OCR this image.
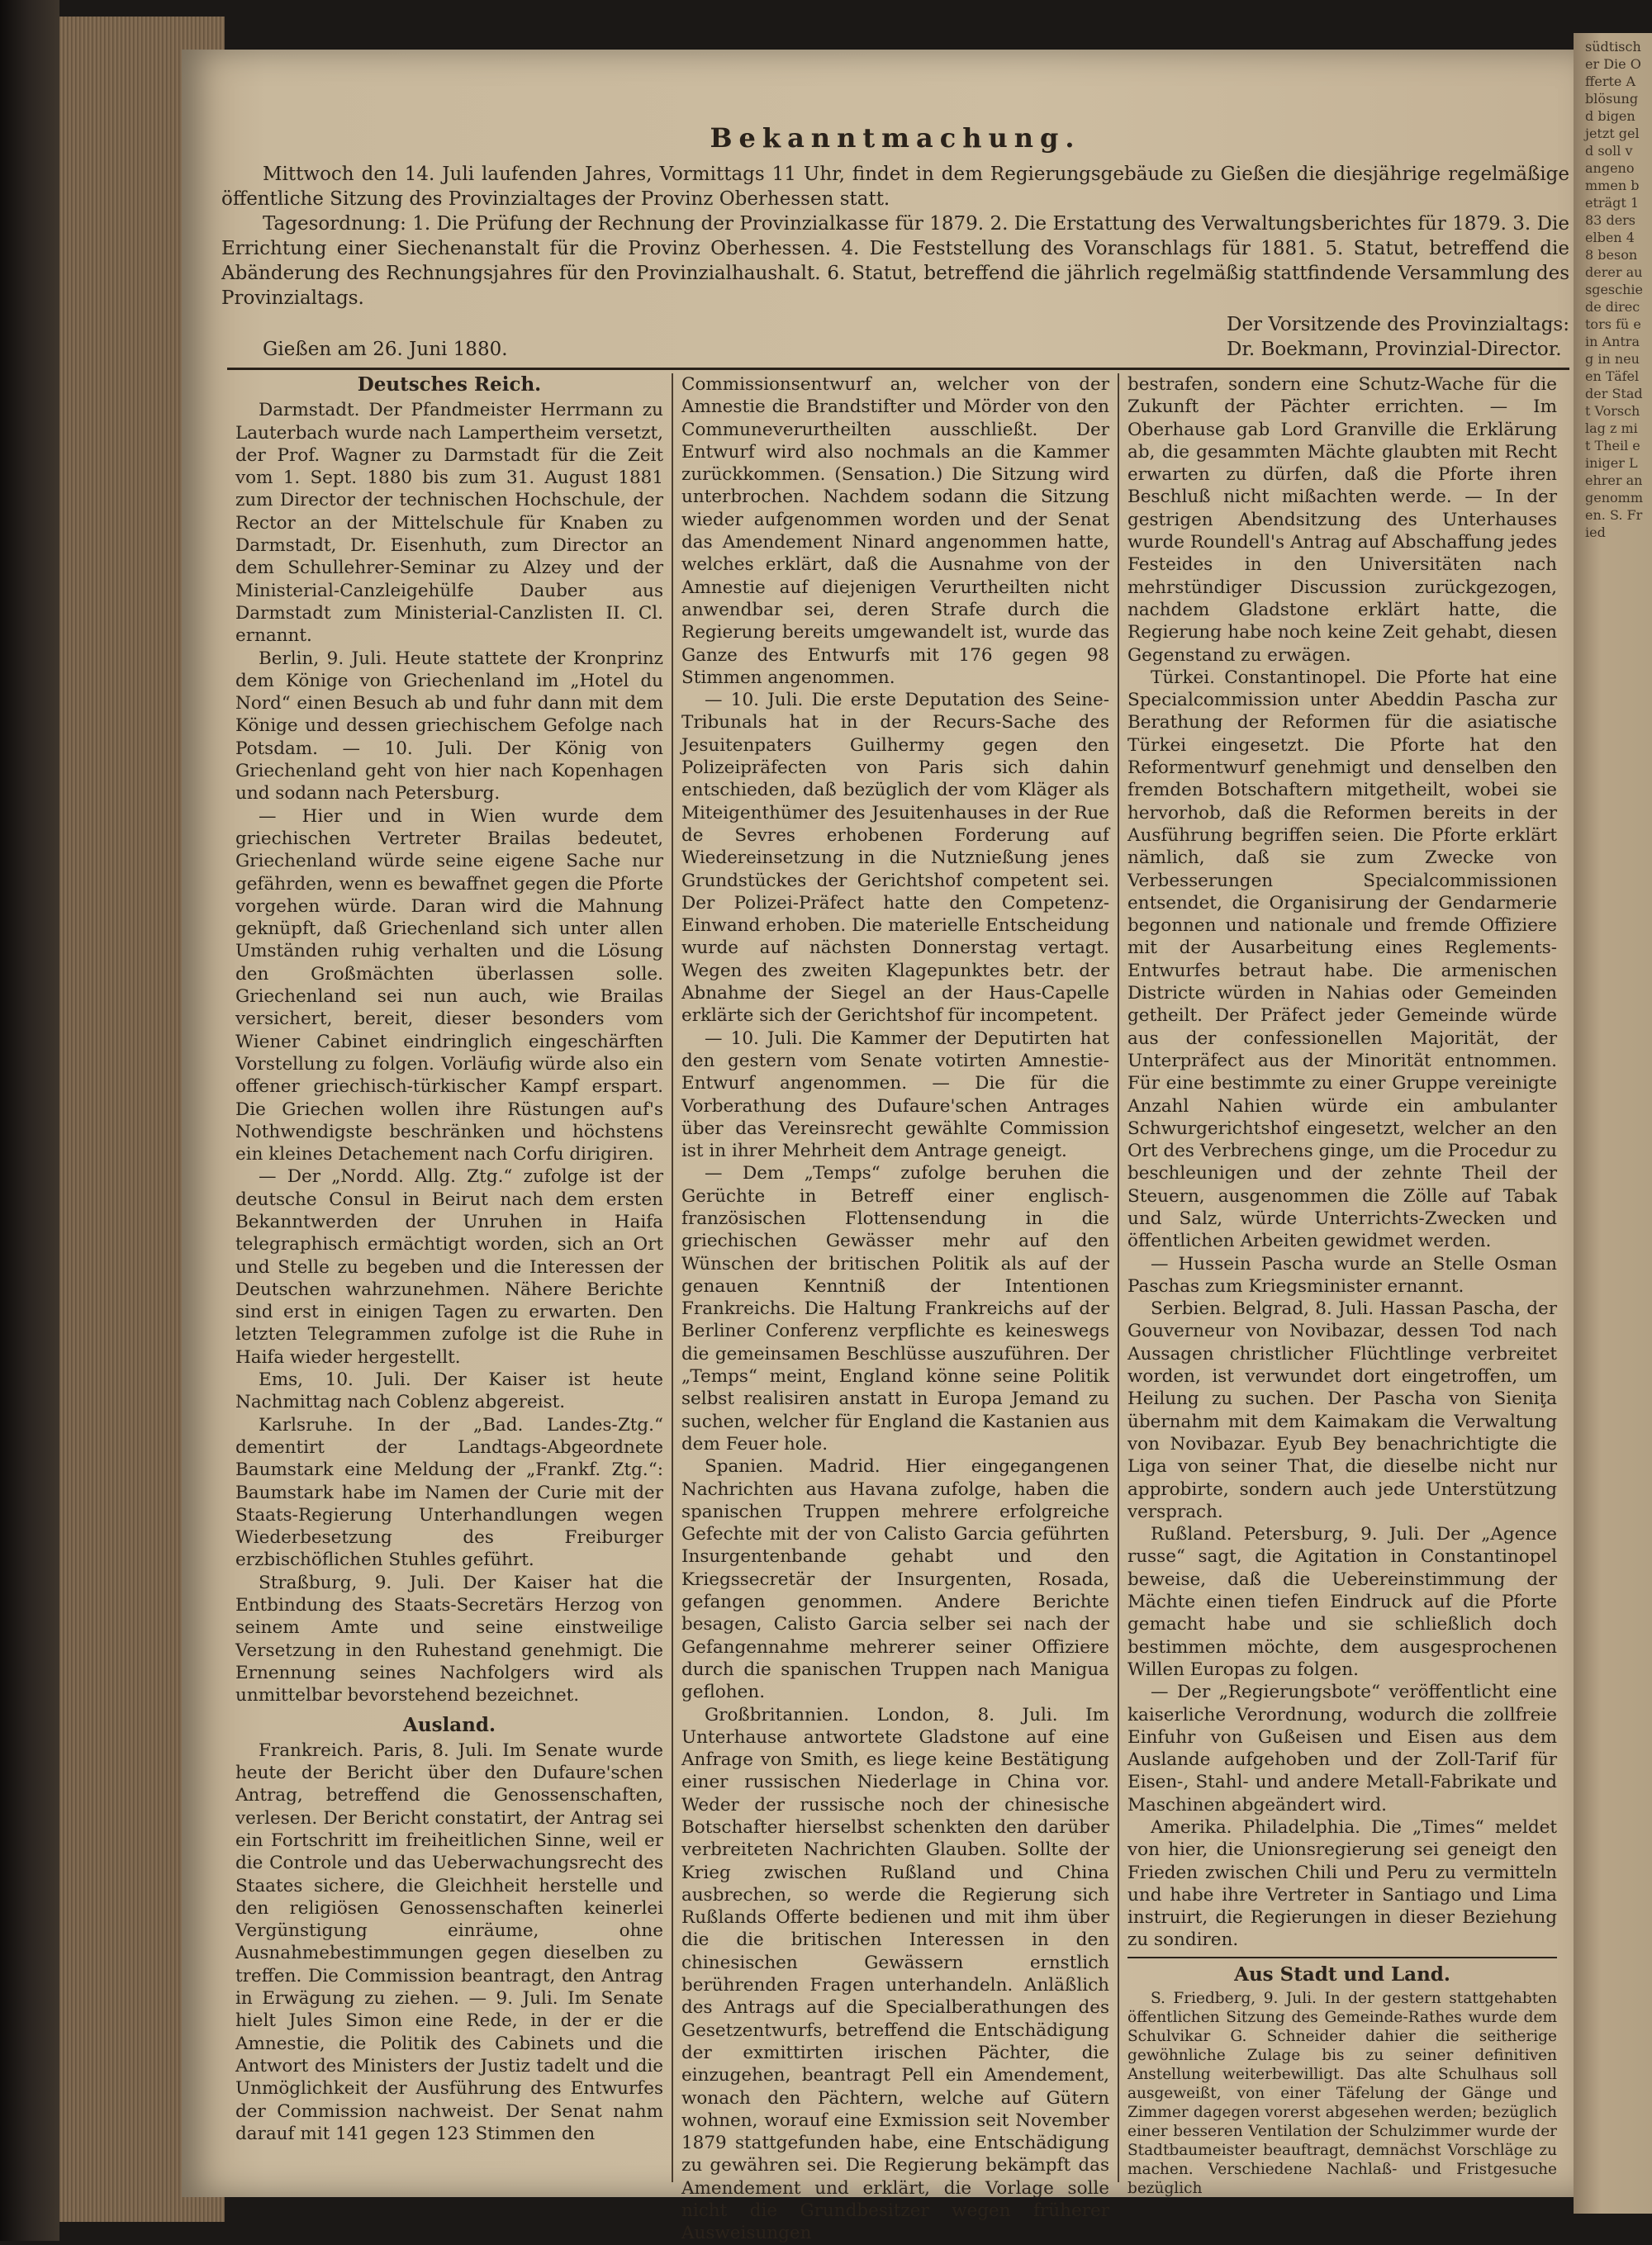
südtischer Die Offerte Ablösung d bigen jetzt geld soll v angenommen beträgt 183 derselben 48 besonderer ausgeschiede directors fü ein Antrag in neuen Täfel der Stadt Vorschlag z mit Theil einiger Lehrer angenommen. S. Fried
Bekanntmachung.

Mittwoch den 14. Juli laufenden Jahres, Vormittags 11 Uhr, findet in dem Regierungsgebäude zu Gießen die diesjährige regelmäßige öffentliche Sitzung des Provinzialtages der Provinz Oberhessen statt.

Tagesordnung: 1. Die Prüfung der Rechnung der Provinzialkasse für 1879. 2. Die Erstattung des Verwaltungsberichtes für 1879. 3. Die Errichtung einer Siechenanstalt für die Provinz Oberhessen. 4. Die Feststellung des Voranschlags für 1881. 5. Statut, betreffend die Abänderung des Rechnungsjahres für den Provinzialhaushalt. 6. Statut, betreffend die jährlich regelmäßig stattfindende Versammlung des Provinzialtags.

Gießen am 26. Juni 1880.
Der Vorsitzende des Provinzialtags:
Dr. Boekmann, Provinzial-Director.
Deutsches Reich.

Darmstadt. Der Pfandmeister Herrmann zu Lauterbach wurde nach Lampertheim versetzt, der Prof. Wagner zu Darmstadt für die Zeit vom 1. Sept. 1880 bis zum 31. August 1881 zum Director der technischen Hochschule, der Rector an der Mittelschule für Knaben zu Darmstadt, Dr. Eisenhuth, zum Director an dem Schullehrer-Seminar zu Alzey und der Ministerial-Canzleigehülfe Dauber aus Darmstadt zum Ministerial-Canzlisten II. Cl. ernannt.

Berlin, 9. Juli. Heute stattete der Kronprinz dem Könige von Griechenland im „Hotel du Nord“ einen Besuch ab und fuhr dann mit dem Könige und dessen griechischem Gefolge nach Potsdam. — 10. Juli. Der König von Griechenland geht von hier nach Kopenhagen und sodann nach Petersburg.

— Hier und in Wien wurde dem griechischen Vertreter Brailas bedeutet, Griechenland würde seine eigene Sache nur gefährden, wenn es bewaffnet gegen die Pforte vorgehen würde. Daran wird die Mahnung geknüpft, daß Griechenland sich unter allen Umständen ruhig verhalten und die Lösung den Großmächten überlassen solle. Griechenland sei nun auch, wie Brailas versichert, bereit, dieser besonders vom Wiener Cabinet eindringlich eingeschärften Vorstellung zu folgen. Vorläufig würde also ein offener griechisch-türkischer Kampf erspart. Die Griechen wollen ihre Rüstungen auf's Nothwendigste beschränken und höchstens ein kleines Detachement nach Corfu dirigiren.

— Der „Nordd. Allg. Ztg.“ zufolge ist der deutsche Consul in Beirut nach dem ersten Bekanntwerden der Unruhen in Haifa telegraphisch ermächtigt worden, sich an Ort und Stelle zu begeben und die Interessen der Deutschen wahrzunehmen. Nähere Berichte sind erst in einigen Tagen zu erwarten. Den letzten Telegrammen zufolge ist die Ruhe in Haifa wieder hergestellt.

Ems, 10. Juli. Der Kaiser ist heute Nachmittag nach Coblenz abgereist.

Karlsruhe. In der „Bad. Landes-Ztg.“ dementirt der Landtags-Abgeordnete Baumstark eine Meldung der „Frankf. Ztg.“: Baumstark habe im Namen der Curie mit der Staats-Regierung Unterhandlungen wegen Wiederbesetzung des Freiburger erzbischöflichen Stuhles geführt.

Straßburg, 9. Juli. Der Kaiser hat die Entbindung des Staats-Secretärs Herzog von seinem Amte und seine einstweilige Versetzung in den Ruhestand genehmigt. Die Ernennung seines Nachfolgers wird als unmittelbar bevorstehend bezeichnet.

Ausland.

Frankreich. Paris, 8. Juli. Im Senate wurde heute der Bericht über den Dufaure'schen Antrag, betreffend die Genossenschaften, verlesen. Der Bericht constatirt, der Antrag sei ein Fortschritt im freiheitlichen Sinne, weil er die Controle und das Ueberwachungsrecht des Staates sichere, die Gleichheit herstelle und den religiösen Genossenschaften keinerlei Vergünstigung einräume, ohne Ausnahmebestimmungen gegen dieselben zu treffen. Die Commission beantragt, den Antrag in Erwägung zu ziehen. — 9. Juli. Im Senate hielt Jules Simon eine Rede, in der er die Amnestie, die Politik des Cabinets und die Antwort des Ministers der Justiz tadelt und die Unmöglichkeit der Ausführung des Entwurfes der Commission nachweist. Der Senat nahm darauf mit 141 gegen 123 Stimmen den

Commissionsentwurf an, welcher von der Amnestie die Brandstifter und Mörder von den Communeverurtheilten ausschließt. Der Entwurf wird also nochmals an die Kammer zurückkommen. (Sensation.) Die Sitzung wird unterbrochen. Nachdem sodann die Sitzung wieder aufgenommen worden und der Senat das Amendement Ninard angenommen hatte, welches erklärt, daß die Ausnahme von der Amnestie auf diejenigen Verurtheilten nicht anwendbar sei, deren Strafe durch die Regierung bereits umgewandelt ist, wurde das Ganze des Entwurfs mit 176 gegen 98 Stimmen angenommen.

— 10. Juli. Die erste Deputation des Seine-Tribunals hat in der Recurs-Sache des Jesuitenpaters Guilhermy gegen den Polizeipräfecten von Paris sich dahin entschieden, daß bezüglich der vom Kläger als Miteigenthümer des Jesuitenhauses in der Rue de Sevres erhobenen Forderung auf Wiedereinsetzung in die Nutznießung jenes Grundstückes der Gerichtshof competent sei. Der Polizei-Präfect hatte den Competenz-Einwand erhoben. Die materielle Entscheidung wurde auf nächsten Donnerstag vertagt. Wegen des zweiten Klagepunktes betr. der Abnahme der Siegel an der Haus-Capelle erklärte sich der Gerichtshof für incompetent.

— 10. Juli. Die Kammer der Deputirten hat den gestern vom Senate votirten Amnestie-Entwurf angenommen. — Die für die Vorberathung des Dufaure'schen Antrages über das Vereinsrecht gewählte Commission ist in ihrer Mehrheit dem Antrage geneigt.

— Dem „Temps“ zufolge beruhen die Gerüchte in Betreff einer englisch-französischen Flottensendung in die griechischen Gewässer mehr auf den Wünschen der britischen Politik als auf der genauen Kenntniß der Intentionen Frankreichs. Die Haltung Frankreichs auf der Berliner Conferenz verpflichte es keineswegs die gemeinsamen Beschlüsse auszuführen. Der „Temps“ meint, England könne seine Politik selbst realisiren anstatt in Europa Jemand zu suchen, welcher für England die Kastanien aus dem Feuer hole.

Spanien. Madrid. Hier eingegangenen Nachrichten aus Havana zufolge, haben die spanischen Truppen mehrere erfolgreiche Gefechte mit der von Calisto Garcia geführten Insurgentenbande gehabt und den Kriegssecretär der Insurgenten, Rosada, gefangen genommen. Andere Berichte besagen, Calisto Garcia selber sei nach der Gefangennahme mehrerer seiner Offiziere durch die spanischen Truppen nach Manigua geflohen.

Großbritannien. London, 8. Juli. Im Unterhause antwortete Gladstone auf eine Anfrage von Smith, es liege keine Bestätigung einer russischen Niederlage in China vor. Weder der russische noch der chinesische Botschafter hierselbst schenkten den darüber verbreiteten Nachrichten Glauben. Sollte der Krieg zwischen Rußland und China ausbrechen, so werde die Regierung sich Rußlands Offerte bedienen und mit ihm über die die britischen Interessen in den chinesischen Gewässern ernstlich berührenden Fragen unterhandeln. Anläßlich des Antrags auf die Specialberathungen des Gesetzentwurfs, betreffend die Entschädigung der exmittirten irischen Pächter, die einzugehen, beantragt Pell ein Amendement, wonach den Pächtern, welche auf Gütern wohnen, worauf eine Exmission seit November 1879 stattgefunden habe, eine Entschädigung zu gewähren sei. Die Regierung bekämpft das Amendement und erklärt, die Vorlage solle nicht die Grundbesitzer wegen früherer Ausweisungen

bestrafen, sondern eine Schutz-Wache für die Zukunft der Pächter errichten. — Im Oberhause gab Lord Granville die Erklärung ab, die gesammten Mächte glaubten mit Recht erwarten zu dürfen, daß die Pforte ihren Beschluß nicht mißachten werde. — In der gestrigen Abendsitzung des Unterhauses wurde Roundell's Antrag auf Abschaffung jedes Festeides in den Universitäten nach mehrstündiger Discussion zurückgezogen, nachdem Gladstone erklärt hatte, die Regierung habe noch keine Zeit gehabt, diesen Gegenstand zu erwägen.

Türkei. Constantinopel. Die Pforte hat eine Specialcommission unter Abeddin Pascha zur Berathung der Reformen für die asiatische Türkei eingesetzt. Die Pforte hat den Reformentwurf genehmigt und denselben den fremden Botschaftern mitgetheilt, wobei sie hervorhob, daß die Reformen bereits in der Ausführung begriffen seien. Die Pforte erklärt nämlich, daß sie zum Zwecke von Verbesserungen Specialcommissionen entsendet, die Organisirung der Gendarmerie begonnen und nationale und fremde Offiziere mit der Ausarbeitung eines Reglements-Entwurfes betraut habe. Die armenischen Districte würden in Nahias oder Gemeinden getheilt. Der Präfect jeder Gemeinde würde aus der confessionellen Majorität, der Unterpräfect aus der Minorität entnommen. Für eine bestimmte zu einer Gruppe vereinigte Anzahl Nahien würde ein ambulanter Schwurgerichtshof eingesetzt, welcher an den Ort des Verbrechens ginge, um die Procedur zu beschleunigen und der zehnte Theil der Steuern, ausgenommen die Zölle auf Tabak und Salz, würde Unterrichts-Zwecken und öffentlichen Arbeiten gewidmet werden.

— Hussein Pascha wurde an Stelle Osman Paschas zum Kriegsminister ernannt.

Serbien. Belgrad, 8. Juli. Hassan Pascha, der Gouverneur von Novibazar, dessen Tod nach Aussagen christlicher Flüchtlinge verbreitet worden, ist verwundet dort eingetroffen, um Heilung zu suchen. Der Pascha von Sieniţa übernahm mit dem Kaimakam die Verwaltung von Novibazar. Eyub Bey benachrichtigte die Liga von seiner That, die dieselbe nicht nur approbirte, sondern auch jede Unterstützung versprach.

Rußland. Petersburg, 9. Juli. Der „Agence russe“ sagt, die Agitation in Constantinopel beweise, daß die Uebereinstimmung der Mächte einen tiefen Eindruck auf die Pforte gemacht habe und sie schließlich doch bestimmen möchte, dem ausgesprochenen Willen Europas zu folgen.

— Der „Regierungsbote“ veröffentlicht eine kaiserliche Verordnung, wodurch die zollfreie Einfuhr von Gußeisen und Eisen aus dem Auslande aufgehoben und der Zoll-Tarif für Eisen-, Stahl- und andere Metall-Fabrikate und Maschinen abgeändert wird.

Amerika. Philadelphia. Die „Times“ meldet von hier, die Unionsregierung sei geneigt den Frieden zwischen Chili und Peru zu vermitteln und habe ihre Vertreter in Santiago und Lima instruirt, die Regierungen in dieser Beziehung zu sondiren.

Aus Stadt und Land.

S. Friedberg, 9. Juli. In der gestern stattgehabten öffentlichen Sitzung des Gemeinde-Rathes wurde dem Schulvikar G. Schneider dahier die seitherige gewöhnliche Zulage bis zu seiner definitiven Anstellung weiterbewilligt. Das alte Schulhaus soll ausgeweißt, von einer Täfelung der Gänge und Zimmer dagegen vorerst abgesehen werden; bezüglich einer besseren Ventilation der Schulzimmer wurde der Stadtbaumeister beauftragt, demnächst Vorschläge zu machen. Verschiedene Nachlaß- und Fristgesuche bezüglich
